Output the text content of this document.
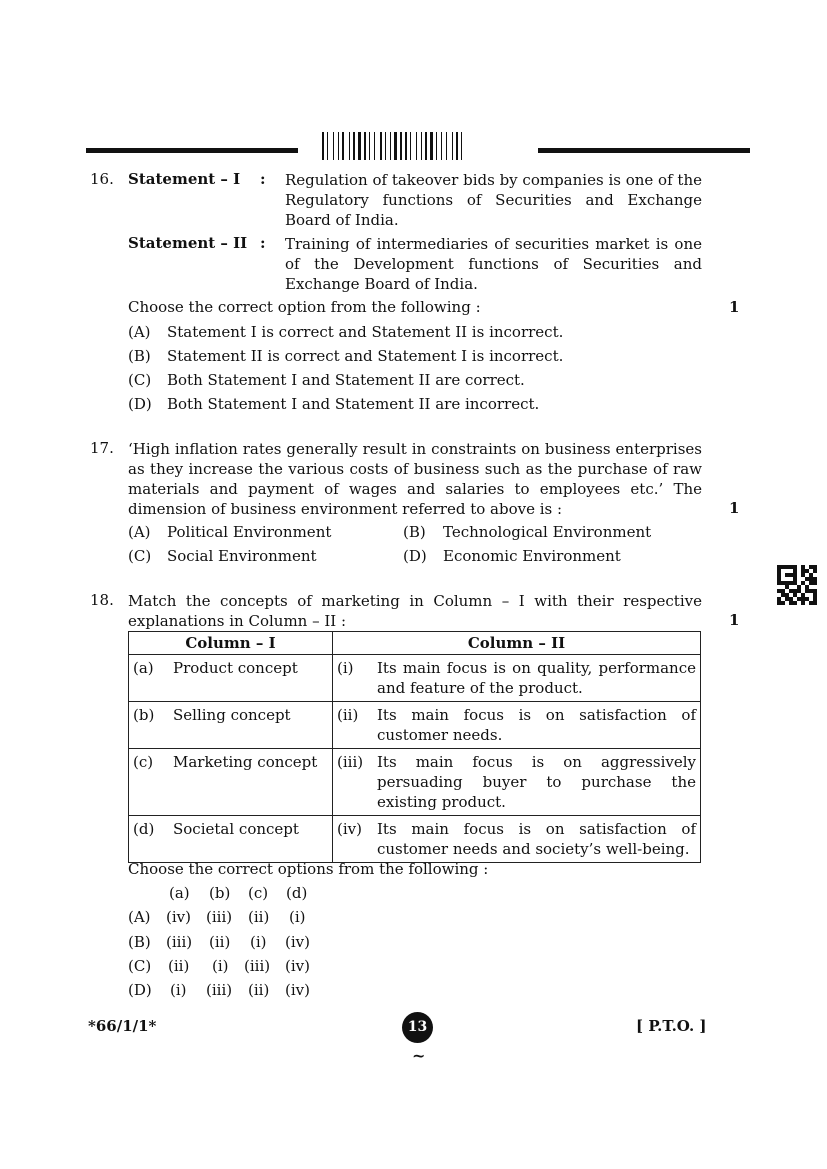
16. Statement – I : Regulation of takeover bids by companies is one of the Regulatory functions of Securities and Exchange Board of India.
Statement – II : Training of intermediaries of securities market is one of the Development functions of Securities and Exchange Board of India.
Choose the correct option from the following :	1
(A) Statement I is correct and Statement II is incorrect.
(B) Statement II is correct and Statement I is incorrect.
(C) Both Statement I and Statement II are correct.
(D) Both Statement I and Statement II are incorrect.
17. ‘High inflation rates generally result in constraints on business enterprises as they increase the various costs of business such as the purchase of raw materials and payment of wages and salaries to employees etc.’ The dimension of business environment referred to above is :	1
(A) Political Environment	(B) Technological Environment
(C) Social Environment	(D) Economic Environment
18. Match the concepts of marketing in Column – I with their respective explanations in Column – II :	1
Column – I	Column – II

(a) Product concept	(i) Its main focus is on quality, performance and feature of the product.

(b) Selling concept	(ii) Its main focus is on satisfaction of customer needs.

(c) Marketing concept	(iii) Its main focus is on aggressively persuading buyer to purchase the existing product.

(d) Societal concept	(iv) Its main focus is on satisfaction of customer needs and society’s well-being.
Choose the correct options from the following :
(a) (b) (c) (d)
(A) (iv) (iii) (ii) (i)
(B) (iii) (ii) (i) (iv)
(C) (ii) (i) (iii) (iv)
(D) (i) (iii) (ii) (iv)
*66/1/1*	13	[ P.T.O. ]
~
